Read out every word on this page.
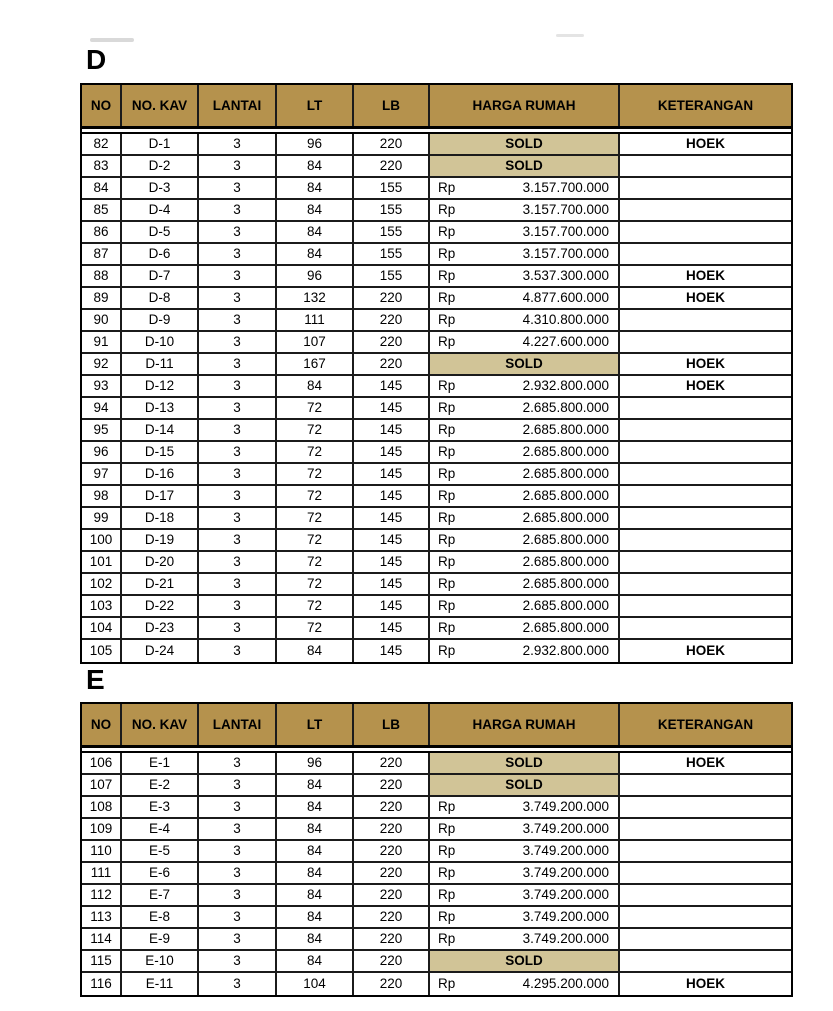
D
NO	NO. KAV	LANTAI	LT	LB	HARGA RUMAH	KETERANGAN
82	D-1	3	96	220	SOLD	HOEK
83	D-2	3	84	220	SOLD
84	D-3	3	84	155	Rp	3.157.700.000
85	D-4	3	84	155	Rp	3.157.700.000
86	D-5	3	84	155	Rp	3.157.700.000
87	D-6	3	84	155	Rp	3.157.700.000
88	D-7	3	96	155	Rp	3.537.300.000	HOEK
89	D-8	3	132	220	Rp	4.877.600.000	HOEK
90	D-9	3	111	220	Rp	4.310.800.000
91	D-10	3	107	220	Rp	4.227.600.000
92	D-11	3	167	220	SOLD	HOEK
93	D-12	3	84	145	Rp	2.932.800.000	HOEK
94	D-13	3	72	145	Rp	2.685.800.000
95	D-14	3	72	145	Rp	2.685.800.000
96	D-15	3	72	145	Rp	2.685.800.000
97	D-16	3	72	145	Rp	2.685.800.000
98	D-17	3	72	145	Rp	2.685.800.000
99	D-18	3	72	145	Rp	2.685.800.000
100	D-19	3	72	145	Rp	2.685.800.000
101	D-20	3	72	145	Rp	2.685.800.000
102	D-21	3	72	145	Rp	2.685.800.000
103	D-22	3	72	145	Rp	2.685.800.000
104	D-23	3	72	145	Rp	2.685.800.000
105	D-24	3	84	145	Rp	2.932.800.000	HOEK
E
NO	NO. KAV	LANTAI	LT	LB	HARGA RUMAH	KETERANGAN
106	E-1	3	96	220	SOLD	HOEK
107	E-2	3	84	220	SOLD
108	E-3	3	84	220	Rp	3.749.200.000
109	E-4	3	84	220	Rp	3.749.200.000
110	E-5	3	84	220	Rp	3.749.200.000
111	E-6	3	84	220	Rp	3.749.200.000
112	E-7	3	84	220	Rp	3.749.200.000
113	E-8	3	84	220	Rp	3.749.200.000
114	E-9	3	84	220	Rp	3.749.200.000
115	E-10	3	84	220	SOLD
116	E-11	3	104	220	Rp	4.295.200.000	HOEK
